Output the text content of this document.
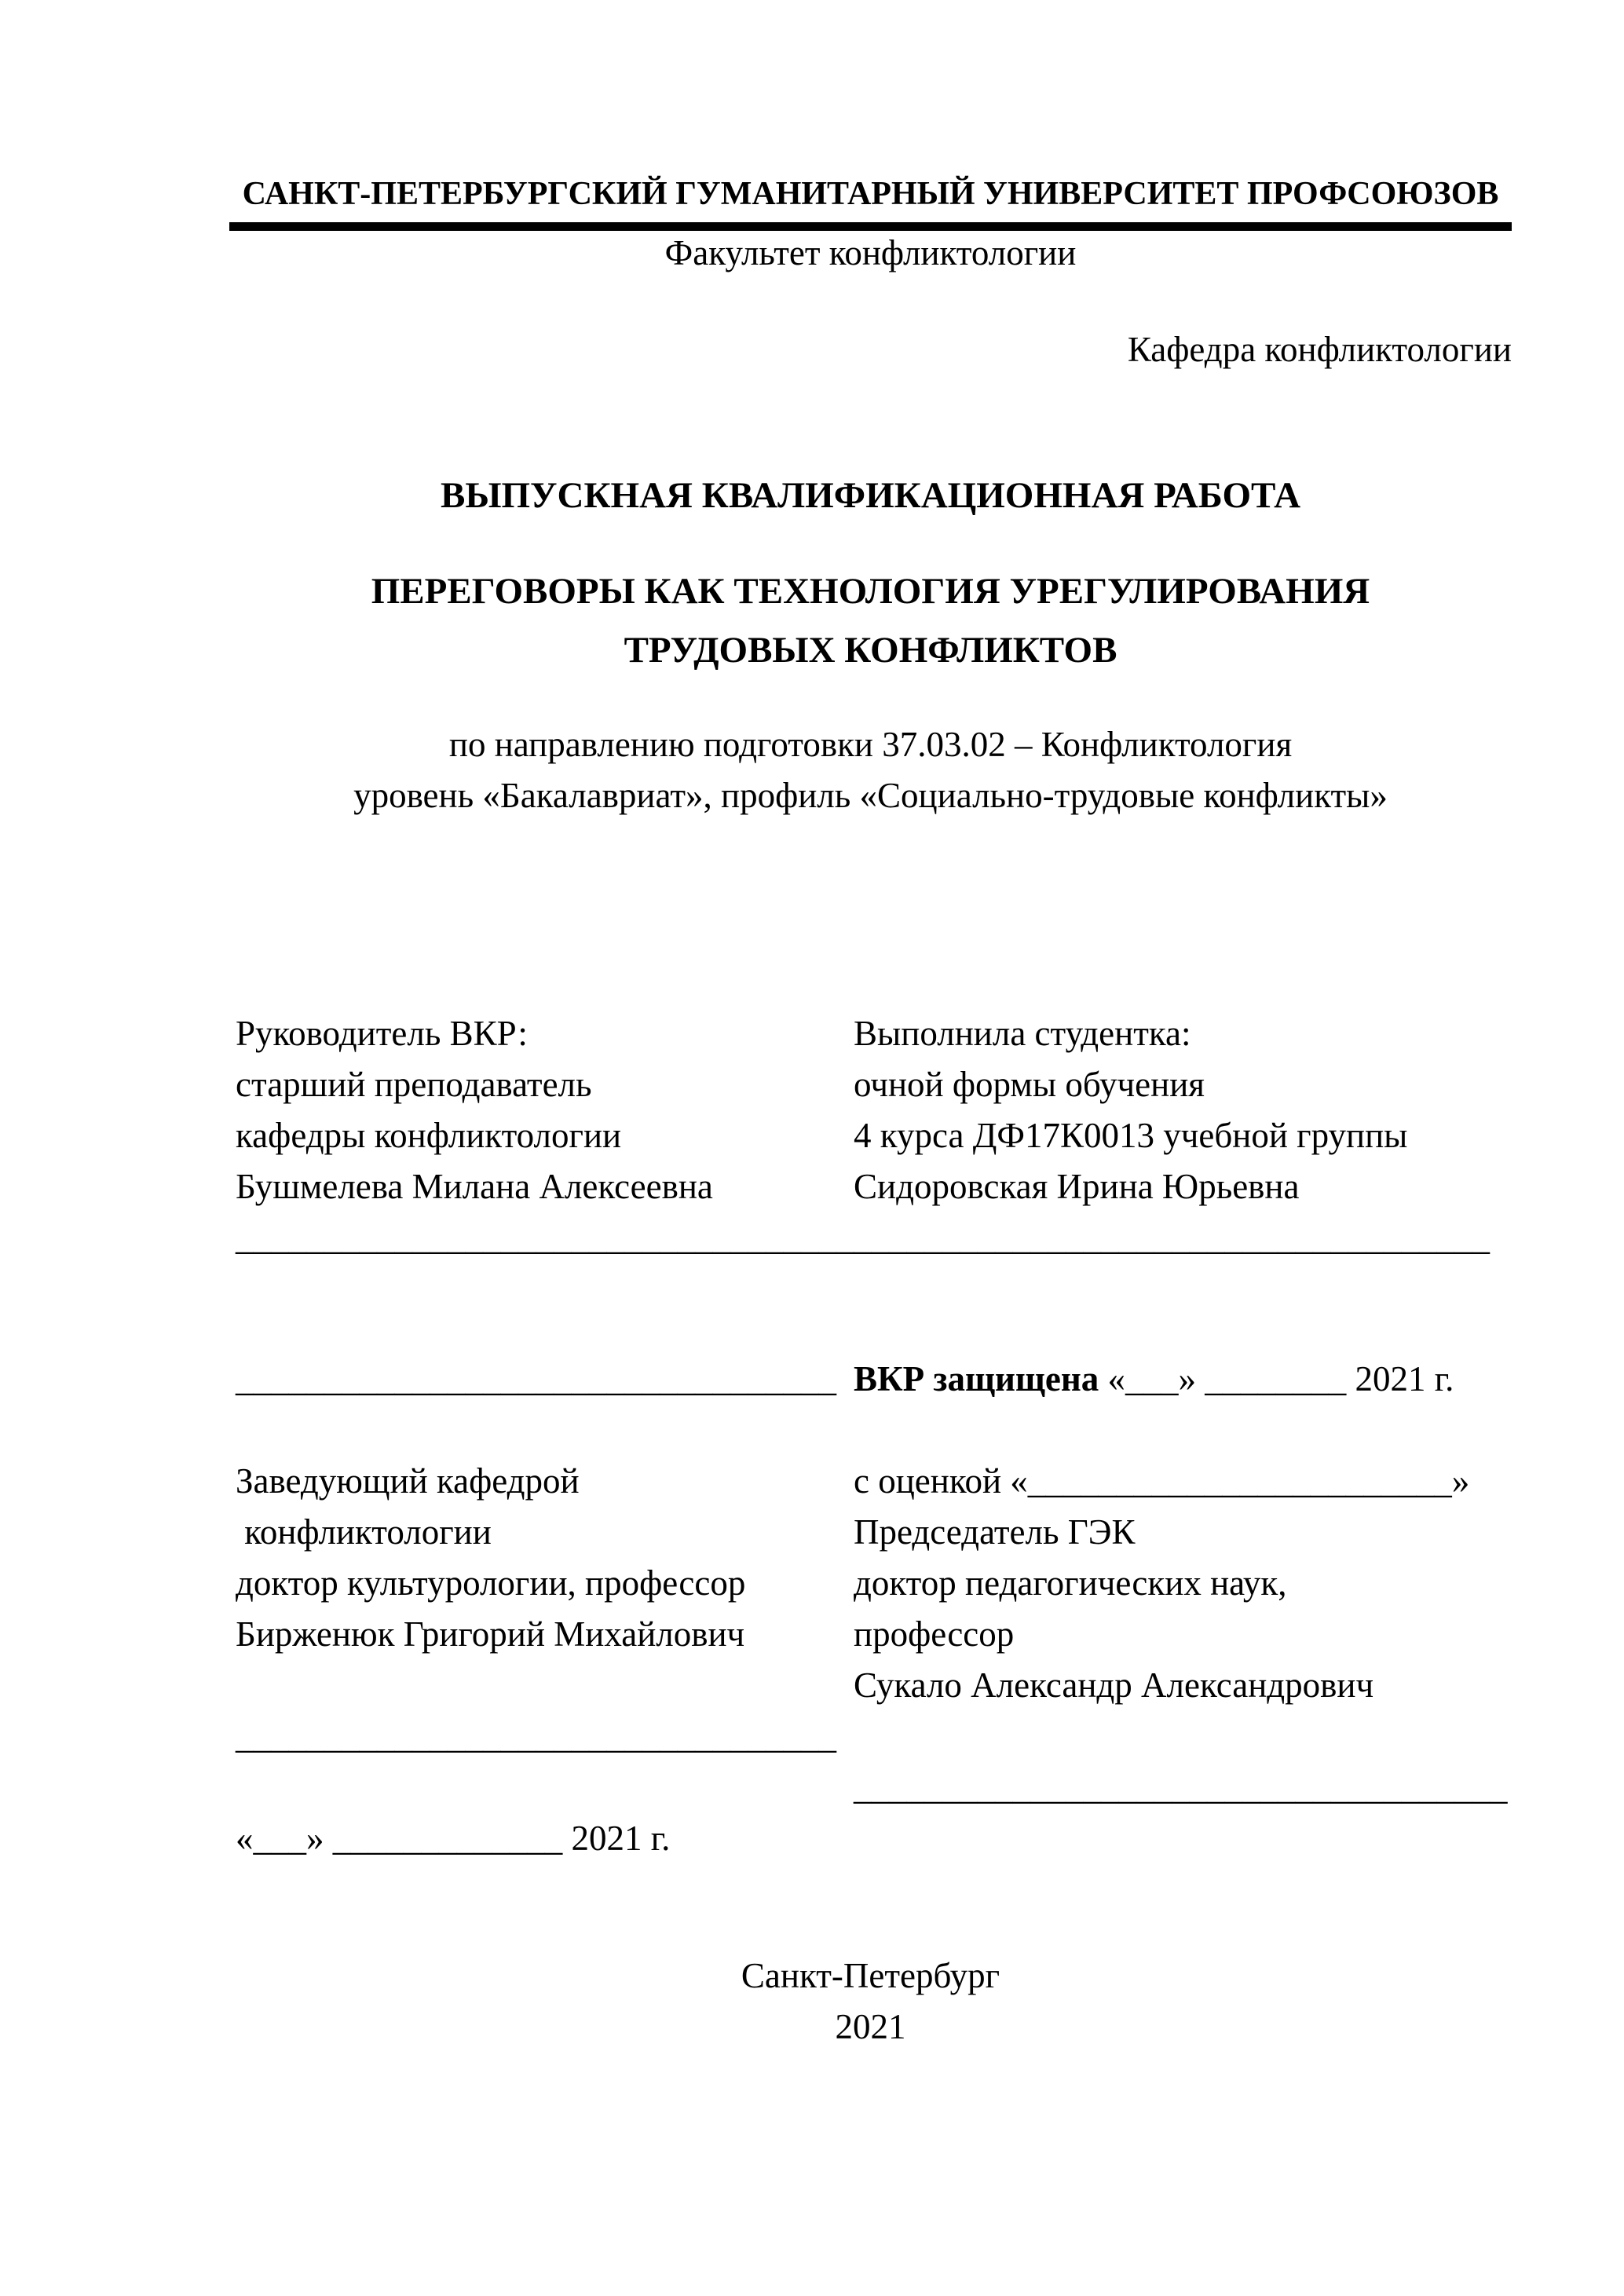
САНКТ-ПЕТЕРБУРГСКИЙ ГУМАНИТАРНЫЙ УНИВЕРСИТЕТ ПРОФСОЮЗОВ
Факультет конфликтологии
Кафедра конфликтологии
ВЫПУСКНАЯ КВАЛИФИКАЦИОННАЯ РАБОТА
ПЕРЕГОВОРЫ КАК ТЕХНОЛОГИЯ УРЕГУЛИРОВАНИЯ
ТРУДОВЫХ КОНФЛИКТОВ
по направлению подготовки 37.03.02 – Конфликтология
уровень «Бакалавриат», профиль «Социально-трудовые конфликты»
Руководитель ВКР:
старший преподаватель
кафедры конфликтологии
Бушмелева Милана Алексеевна
___________________________________
Выполнила студентка:
очной формы обучения
4 курса ДФ17К0013 учебной группы
Сидоровская Ирина Юрьевна
____________________________________
__________________________________
Заведующий кафедрой
конфликтологии
доктор культурологии, профессор
Бирженюк Григорий Михайлович
__________________________________
«___» _____________ 2021 г.
ВКР защищена «___» ________ 2021 г.
с оценкой «________________________»
Председатель ГЭК
доктор педагогических наук,
профессор
Сукало Александр Александрович
_____________________________________
Санкт-Петербург
2021
